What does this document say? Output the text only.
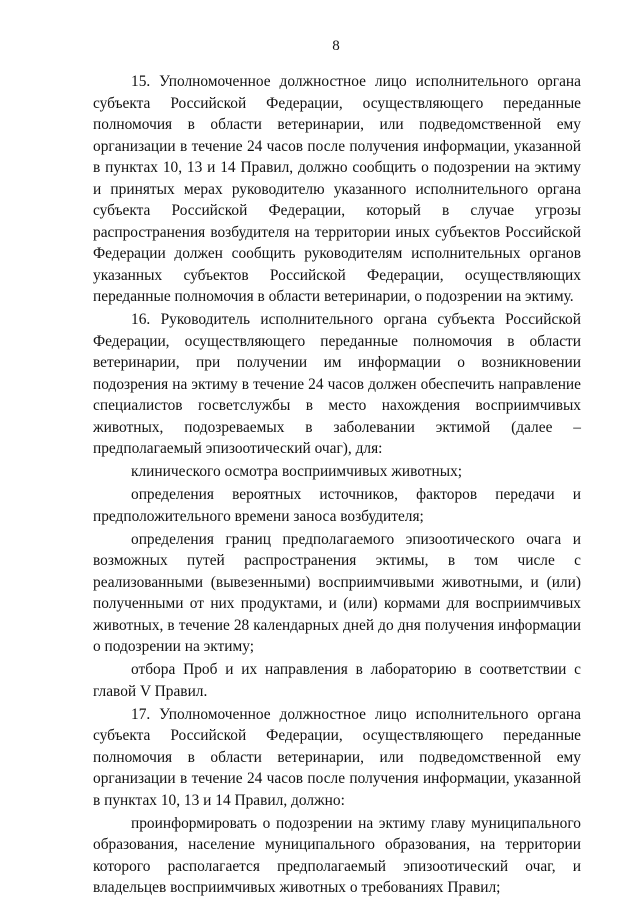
8

15. Уполномоченное должностное лицо исполнительного органа субъекта Российской Федерации, осуществляющего переданные полномочия в области ветеринарии, или подведомственной ему организации в течение 24 часов после получения информации, указанной в пунктах 10, 13 и 14 Правил, должно сообщить о подозрении на эктиму и принятых мерах руководителю указанного исполнительного органа субъекта Российской Федерации, который в случае угрозы распространения возбудителя на территории иных субъектов Российской Федерации должен сообщить руководителям исполнительных органов указанных субъектов Российской Федерации, осуществляющих переданные полномочия в области ветеринарии, о подозрении на эктиму.

16. Руководитель исполнительного органа субъекта Российской Федерации, осуществляющего переданные полномочия в области ветеринарии, при получении им информации о возникновении подозрения на эктиму в течение 24 часов должен обеспечить направление специалистов госветслужбы в место нахождения восприимчивых животных, подозреваемых в заболевании эктимой (далее – предполагаемый эпизоотический очаг), для:

клинического осмотра восприимчивых животных;

определения вероятных источников, факторов передачи и предположительного времени заноса возбудителя;

определения границ предполагаемого эпизоотического очага и возможных путей распространения эктимы, в том числе с реализованными (вывезенными) восприимчивыми животными, и (или) полученными от них продуктами, и (или) кормами для восприимчивых животных, в течение 28 календарных дней до дня получения информации о подозрении на эктиму;

отбора Проб и их направления в лабораторию в соответствии с главой V Правил.

17. Уполномоченное должностное лицо исполнительного органа субъекта Российской Федерации, осуществляющего переданные полномочия в области ветеринарии, или подведомственной ему организации в течение 24 часов после получения информации, указанной в пунктах 10, 13 и 14 Правил, должно:

проинформировать о подозрении на эктиму главу муниципального образования, население муниципального образования, на территории которого располагается предполагаемый эпизоотический очаг, и владельцев восприимчивых животных о требованиях Правил;
